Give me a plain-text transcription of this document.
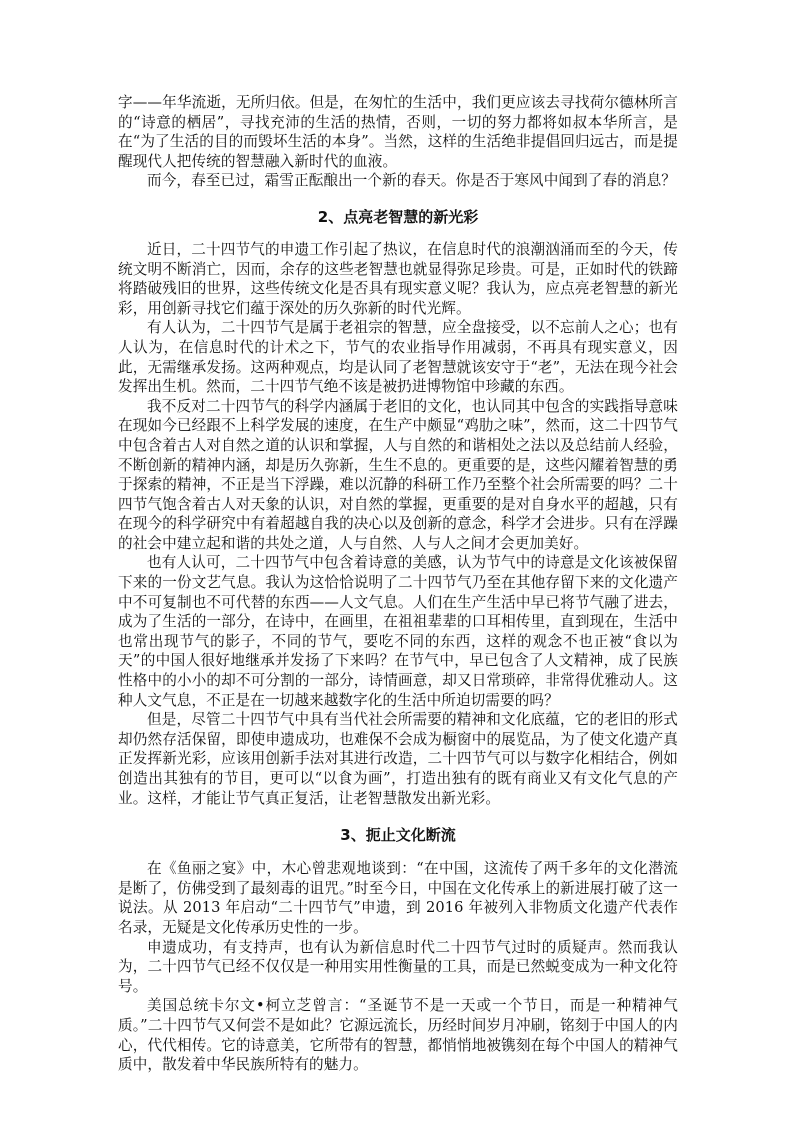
字——年华流逝，无所归依。但是，在匆忙的生活中，我们更应该去寻找荷尔德林所言的“诗意的栖居”，寻找充沛的生活的热情，否则，一切的努力都将如叔本华所言，是在“为了生活的目的而毁坏生活的本身”。当然，这样的生活绝非提倡回归远古，而是提醒现代人把传统的智慧融入新时代的血液。

而今，春至已过，霜雪正酝酿出一个新的春天。你是否于寒风中闻到了春的消息？

2、点亮老智慧的新光彩

近日，二十四节气的申遗工作引起了热议，在信息时代的浪潮汹涌而至的今天，传统文明不断消亡，因而，余存的这些老智慧也就显得弥足珍贵。可是，正如时代的铁蹄将踏破残旧的世界，这些传统文化是否具有现实意义呢？我认为，应点亮老智慧的新光彩，用创新寻找它们蕴于深处的历久弥新的时代光辉。

有人认为，二十四节气是属于老祖宗的智慧，应全盘接受，以不忘前人之心；也有人认为，在信息时代的计术之下，节气的农业指导作用减弱，不再具有现实意义，因此，无需继承发扬。这两种观点，均是认同了老智慧就该安守于“老”，无法在现今社会发挥出生机。然而，二十四节气绝不该是被扔进博物馆中珍藏的东西。

我不反对二十四节气的科学内涵属于老旧的文化，也认同其中包含的实践指导意味在现如今已经跟不上科学发展的速度，在生产中颇显“鸡肋之味”，然而，这二十四节气中包含着古人对自然之道的认识和掌握，人与自然的和谐相处之法以及总结前人经验，不断创新的精神内涵，却是历久弥新，生生不息的。更重要的是，这些闪耀着智慧的勇于探索的精神，不正是当下浮躁，难以沉静的科研工作乃至整个社会所需要的吗？二十四节气饱含着古人对天象的认识，对自然的掌握，更重要的是对自身水平的超越，只有在现今的科学研究中有着超越自我的决心以及创新的意念，科学才会进步。只有在浮躁的社会中建立起和谐的共处之道，人与自然、人与人之间才会更加美好。

也有人认可，二十四节气中包含着诗意的美感，认为节气中的诗意是文化该被保留下来的一份文艺气息。我认为这恰恰说明了二十四节气乃至在其他存留下来的文化遗产中不可复制也不可代替的东西——人文气息。人们在生产生活中早已将节气融了进去，成为了生活的一部分，在诗中，在画里，在祖祖辈辈的口耳相传里，直到现在，生活中也常出现节气的影子，不同的节气，要吃不同的东西，这样的观念不也正被“食以为天”的中国人很好地继承并发扬了下来吗？在节气中，早已包含了人文精神，成了民族性格中的小小的却不可分割的一部分，诗情画意，却又日常琐碎，非常得优雅动人。这种人文气息，不正是在一切越来越数字化的生活中所迫切需要的吗？

但是，尽管二十四节气中具有当代社会所需要的精神和文化底蕴，它的老旧的形式却仍然存活保留，即使申遗成功，也难保不会成为橱窗中的展览品，为了使文化遗产真正发挥新光彩，应该用创新手法对其进行改造，二十四节气可以与数字化相结合，例如创造出其独有的节目，更可以“以食为画”，打造出独有的既有商业又有文化气息的产业。这样，才能让节气真正复活，让老智慧散发出新光彩。

3、扼止文化断流

在《鱼丽之宴》中，木心曾悲观地谈到：“在中国，这流传了两千多年的文化潜流是断了，仿佛受到了最刻毒的诅咒。”时至今日，中国在文化传承上的新进展打破了这一说法。从 2013 年启动“二十四节气”申遗，到 2016 年被列入非物质文化遗产代表作名录，无疑是文化传承历史性的一步。

申遗成功，有支持声，也有认为新信息时代二十四节气过时的质疑声。然而我认为，二十四节气已经不仅仅是一种用实用性衡量的工具，而是已然蜕变成为一种文化符号。

美国总统卡尔文•柯立芝曾言：“圣诞节不是一天或一个节日，而是一种精神气质。”二十四节气又何尝不是如此？它源远流长，历经时间岁月冲刷，铭刻于中国人的内心，代代相传。它的诗意美，它所带有的智慧，都悄悄地被镌刻在每个中国人的精神气质中，散发着中华民族所特有的魅力。
